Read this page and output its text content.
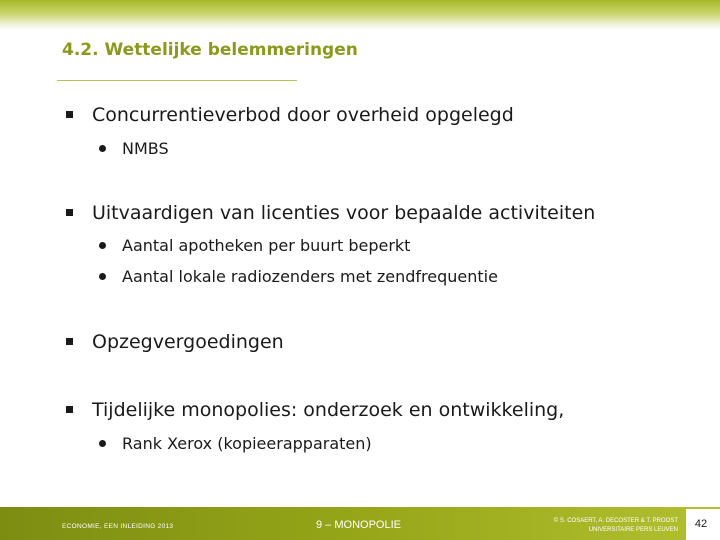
4.2. Wettelijke belemmeringen
Concurrentieverbod door overheid opgelegd
NMBS
Uitvaardigen van licenties voor bepaalde activiteiten
Aantal apotheken per buurt beperkt
Aantal lokale radiozenders met zendfrequentie
Opzegvergoedingen
Tijdelijke monopolies: onderzoek en ontwikkeling,
Rank Xerox (kopieerapparaten)
ECONOMIE, EEN INLEIDING 2013	9 – MONOPOLIE	© S. COSAERT, A. DECOSTER & T. PROOST
UNIVERSITAIRE PERS LEUVEN	42
